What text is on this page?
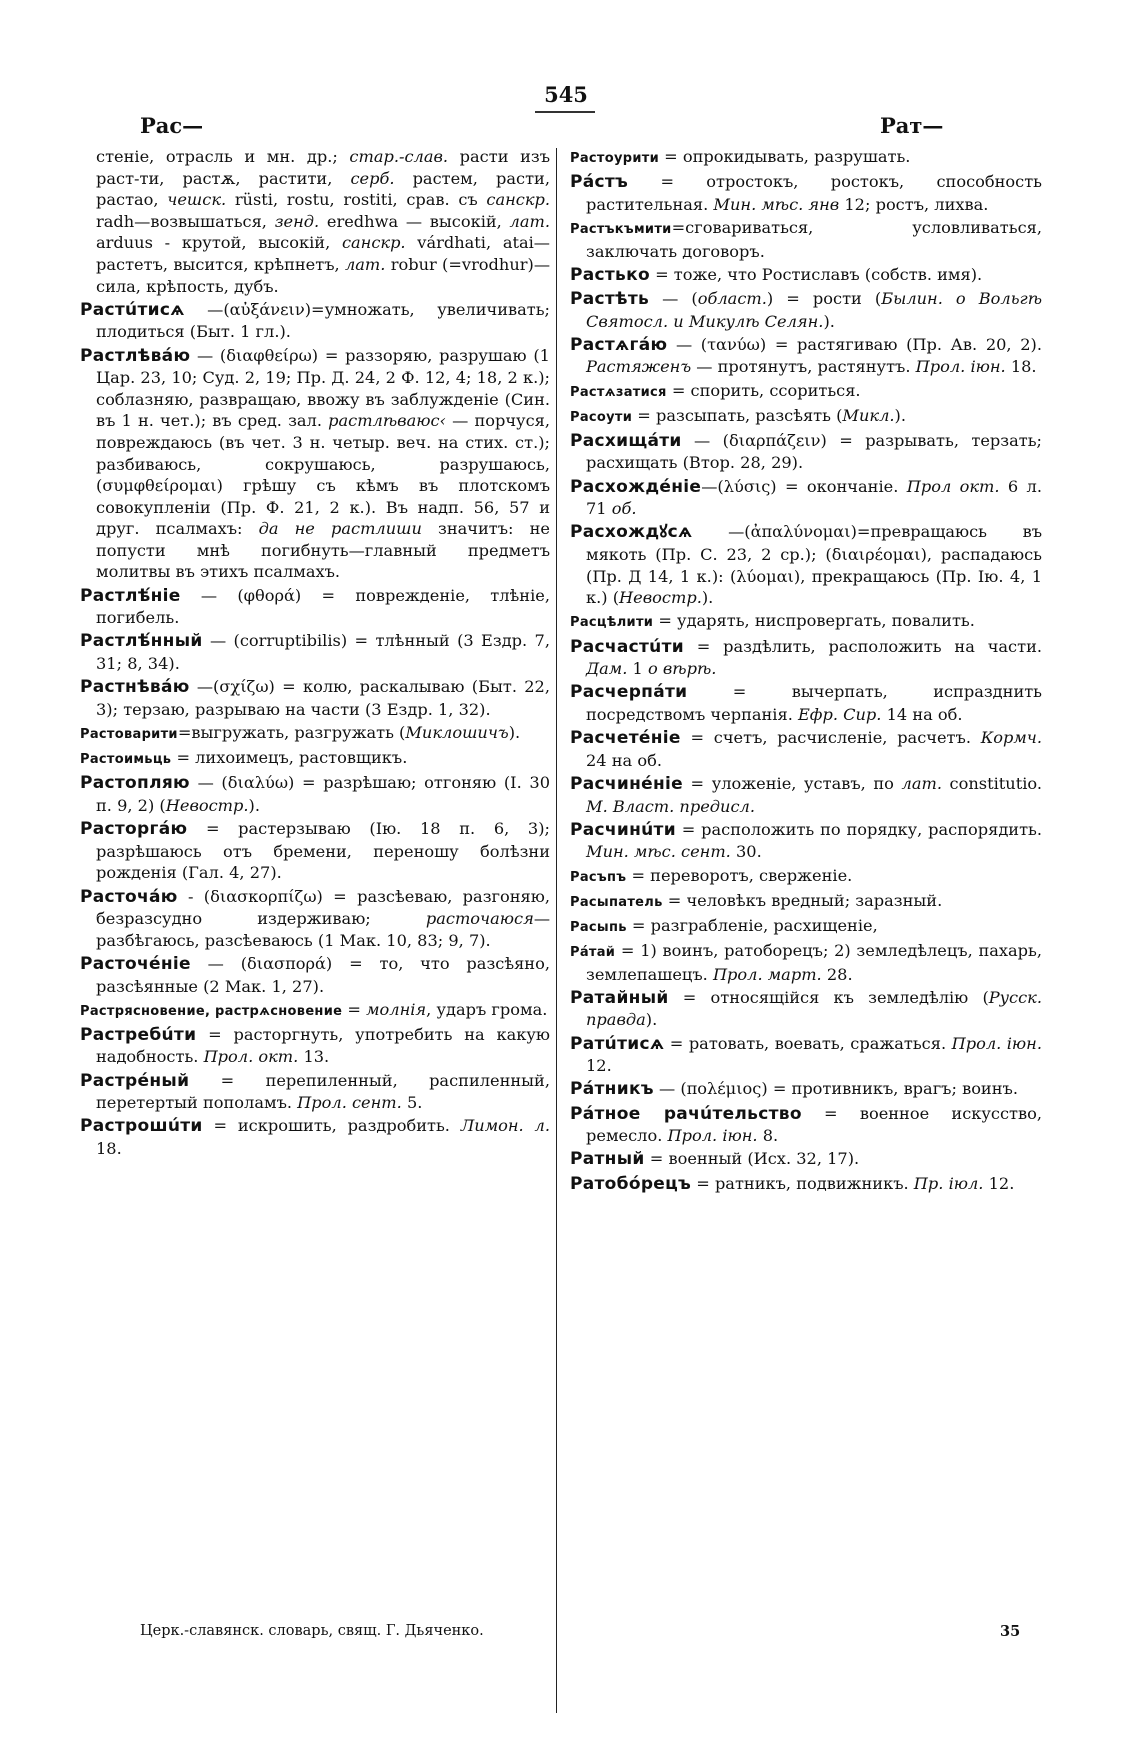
545
Рас—	Рат—

стенiе, отрасль и мн. др.; стар.-слав. расти изъ раст-ти, растѫ, растити, серб. растем, расти, растао, чешск. rüsti, rostu, rostiti, срав. съ санскр. radh—возвышаться, зенд. eredhwa — высокiй, лат. arduus - крутой, высокiй, санскр. várdhati, atai—растетъ, высится, крѣпнетъ, лат. robur (=vrodhur)—сила, крѣпость, дубъ.

Растúтисѧ —(αὐξάνειν)=умножать, увеличивать; плодиться (Быт. 1 гл.).

Растлѣвáю — (διαφθείρω) = раззоряю, разрушаю (1 Цар. 23, 10; Суд. 2, 19; Пр. Д. 24, 2 Ф. 12, 4; 18, 2 к.); соблазняю, развращаю, ввожу въ заблужденiе (Син. въ 1 н. чет.); въ сред. зал. растлѣваюс‹ — порчуся, повреждаюсь (въ чет. 3 н. четыр. веч. на стих. ст.); разбиваюсь, сокрушаюсь, разрушаюсь, (συμφθείρομαι) грѣшу съ кѣмъ въ плотскомъ совокупленiи (Пр. Ф. 21, 2 к.). Въ надп. 56, 57 и друг. псалмахъ: да не растлиши значитъ: не попусти мнѣ погибнуть—главный предметъ молитвы въ этихъ псалмахъ.

Растлѣ́нiе — (φθορά) = поврежденiе, тлѣнiе, погибель.

Растлѣ́нный — (corruptibilis) = тлѣнный (3 Ездр. 7, 31; 8, 34).

Растнѣвáю —(σχίζω) = колю, раскалываю (Быт. 22, 3); терзаю, разрываю на части (3 Ездр. 1, 32).

Растоварити=выгружать, разгружать (Миклошичъ).

Растоимьць = лихоимецъ, растовщикъ.

Растопляю — (διαλύω) = разрѣшаю; отгоняю (I. 30 п. 9, 2) (Невостр.).

Растоpгáю = растерзываю (Iю. 18 п. 6, 3); разрѣшаюсь отъ бремени, переношу болѣзни рожденiя (Гал. 4, 27).

Расточа́ю - (διασκορπίζω) = разсѣеваю, разгоняю, безразсудно издерживаю; расточаюся—разбѣгаюсь, разсѣеваюсь (1 Мак. 10, 83; 9, 7).

Расточéнiе — (διασπορά) = то, что разсѣяно, разсѣянные (2 Мак. 1, 27).

Растрясновение, растрѧсновение = молнiя, ударъ грома.

Растребúти = расторгнуть, употребить на какую надобность. Прол. окт. 13.

Растрéный = перепиленный, распиленный, перетертый пополамъ. Прол. сент. 5.

Растрошúти = искрошить, раздробить. Лимон. л. 18.

Растоурити = опрокидывать, разрушать.

Рáстъ = отростокъ, ростокъ, способность растительная. Мин. мѣс. янв 12; ростъ, лихва.

Растъкъмити=сговариваться, условливаться, заключать договоръ.

Растько = тоже, что Ростиславъ (собств. имя).

Растѣть — (област.) = рости (Былин. о Вольгѣ Святосл. и Микулѣ Селян.).

Растѧгáю — (τανύω) = растягиваю (Пр. Ав. 20, 2). Растяженъ — протянутъ, растянутъ. Прол. iюн. 18.

Растѧзатися = спорить, ссориться.

Расоути = разсыпать, разсѣять (Микл.).

Расхищáти — (διαρπάζειν) = разрывать, терзать; расхищать (Втор. 28, 29).

Расхождéнiе—(λύσις) = окончанiе. Прол окт. 6 л. 71 об.

Расхождꙋсѧ —(ἀπαλύνομαι)=превращаюсь въ мякоть (Пр. С. 23, 2 ср.); (διαιρέομαι), распадаюсь (Пр. Д 14, 1 к.): (λύομαι), прекращаюсь (Пр. Iю. 4, 1 к.) (Невостр.).

Расцѣлити = ударять, ниспровергать, повалить.

Расчастúти = раздѣлить, расположить на части. Дам. 1 о вѣрѣ.

Расчерпáти = вычерпать, испразднить посредствомъ черпанiя. Ефр. Сир. 14 на об.

Расчетéнiе = счетъ, расчисленiе, расчетъ. Кормч. 24 на об.

Расчинéнiе = уложенiе, уставъ, по лат. constitutio. М. Власт. предисл.

Расчинúти = расположить по порядку, распорядить. Мин. мѣс. сент. 30.

Расъпъ = переворотъ, сверженiе.

Расыпатель = человѣкъ вредный; заразный.

Расыпь = разграбленiе, расхищенiе,

Рáтай = 1) воинъ, ратоборецъ; 2) земледѣлецъ, пахарь, землепашецъ. Прол. март. 28.

Ратайный = относящiйся къ земледѣлiю (Русск. правда).

Ратúтисѧ = ратовать, воевать, сражаться. Прол. iюн. 12.

Рáтникъ — (πολέμιος) = противникъ, врагъ; воинъ.

Рáтное рачúтельство = военное искусство, ремесло. Прол. iюн. 8.

Ратный = военный (Исх. 32, 17).

Ратобóрецъ = ратникъ, подвижникъ. Пр. iюл. 12.

Церк.-славянск. словарь, свящ. Г. Дьяченко.	35
